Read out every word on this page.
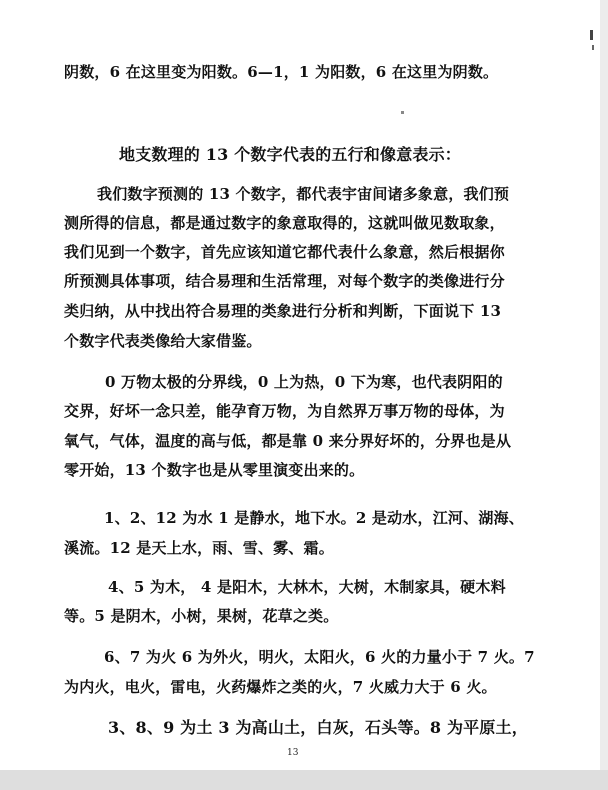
阴数，6 在这里变为阳数。6—1，1 为阳数，6 在这里为阴数。
地支数理的 13 个数字代表的五行和像意表示：
我们数字预测的 13 个数字，都代表宇宙间诸多象意，我们预
测所得的信息，都是通过数字的象意取得的，这就叫做见数取象，
我们见到一个数字，首先应该知道它都代表什么象意，然后根据你
所预测具体事项，结合易理和生活常理，对每个数字的类像进行分
类归纳，从中找出符合易理的类象进行分析和判断，下面说下 13
个数字代表类像给大家借鉴。
0 万物太极的分界线，0 上为热，0 下为寒，也代表阴阳的
交界，好坏一念只差，能孕育万物，为自然界万事万物的母体，为
氧气，气体，温度的高与低，都是靠 0 来分界好坏的，分界也是从
零开始，13 个数字也是从零里演变出来的。
1、2、12 为水 1 是静水，地下水。2 是动水，江河、湖海、
溪流。12 是天上水，雨、雪、雾、霜。
4、5 为木， 4 是阳木，大林木，大树，木制家具，硬木料
等。5 是阴木，小树，果树，花草之类。
6、7 为火 6 为外火，明火，太阳火，6 火的力量小于 7 火。7
为内火，电火，雷电，火药爆炸之类的火，7 火威力大于 6 火。
3、8、9 为土 3 为高山土，白灰，石头等。8 为平原土，
13
